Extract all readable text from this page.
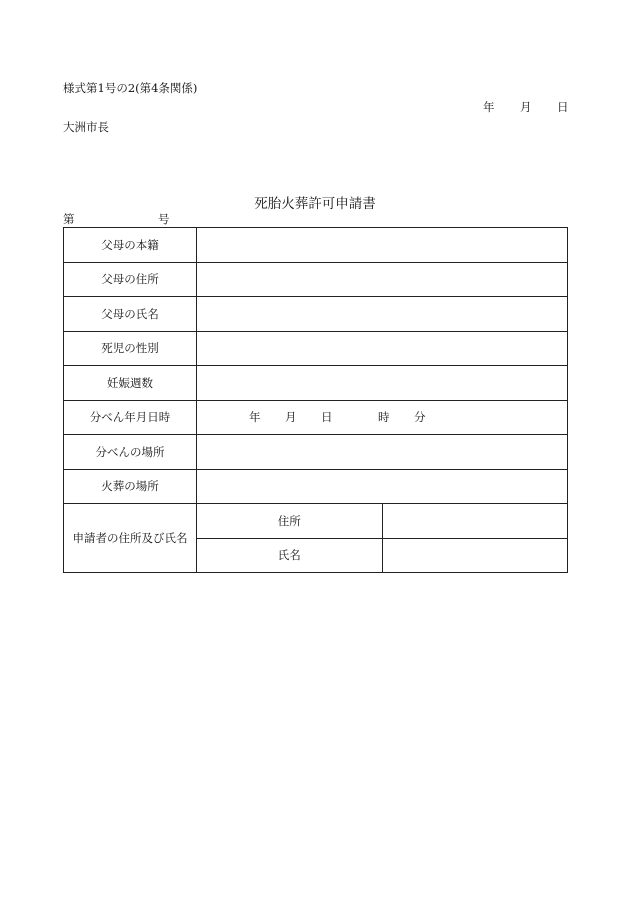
様式第1号の2(第4条関係)
年 月 日
大洲市長
死胎火葬許可申請書
第	号
父母の本籍		
父母の住所		
父母の氏名		
死児の性別		
妊娠週数		
分べん年月日時	年 月 日 時 分	
分べんの場所		
火葬の場所		
申請者の住所及び氏名	住所	
	氏名	
